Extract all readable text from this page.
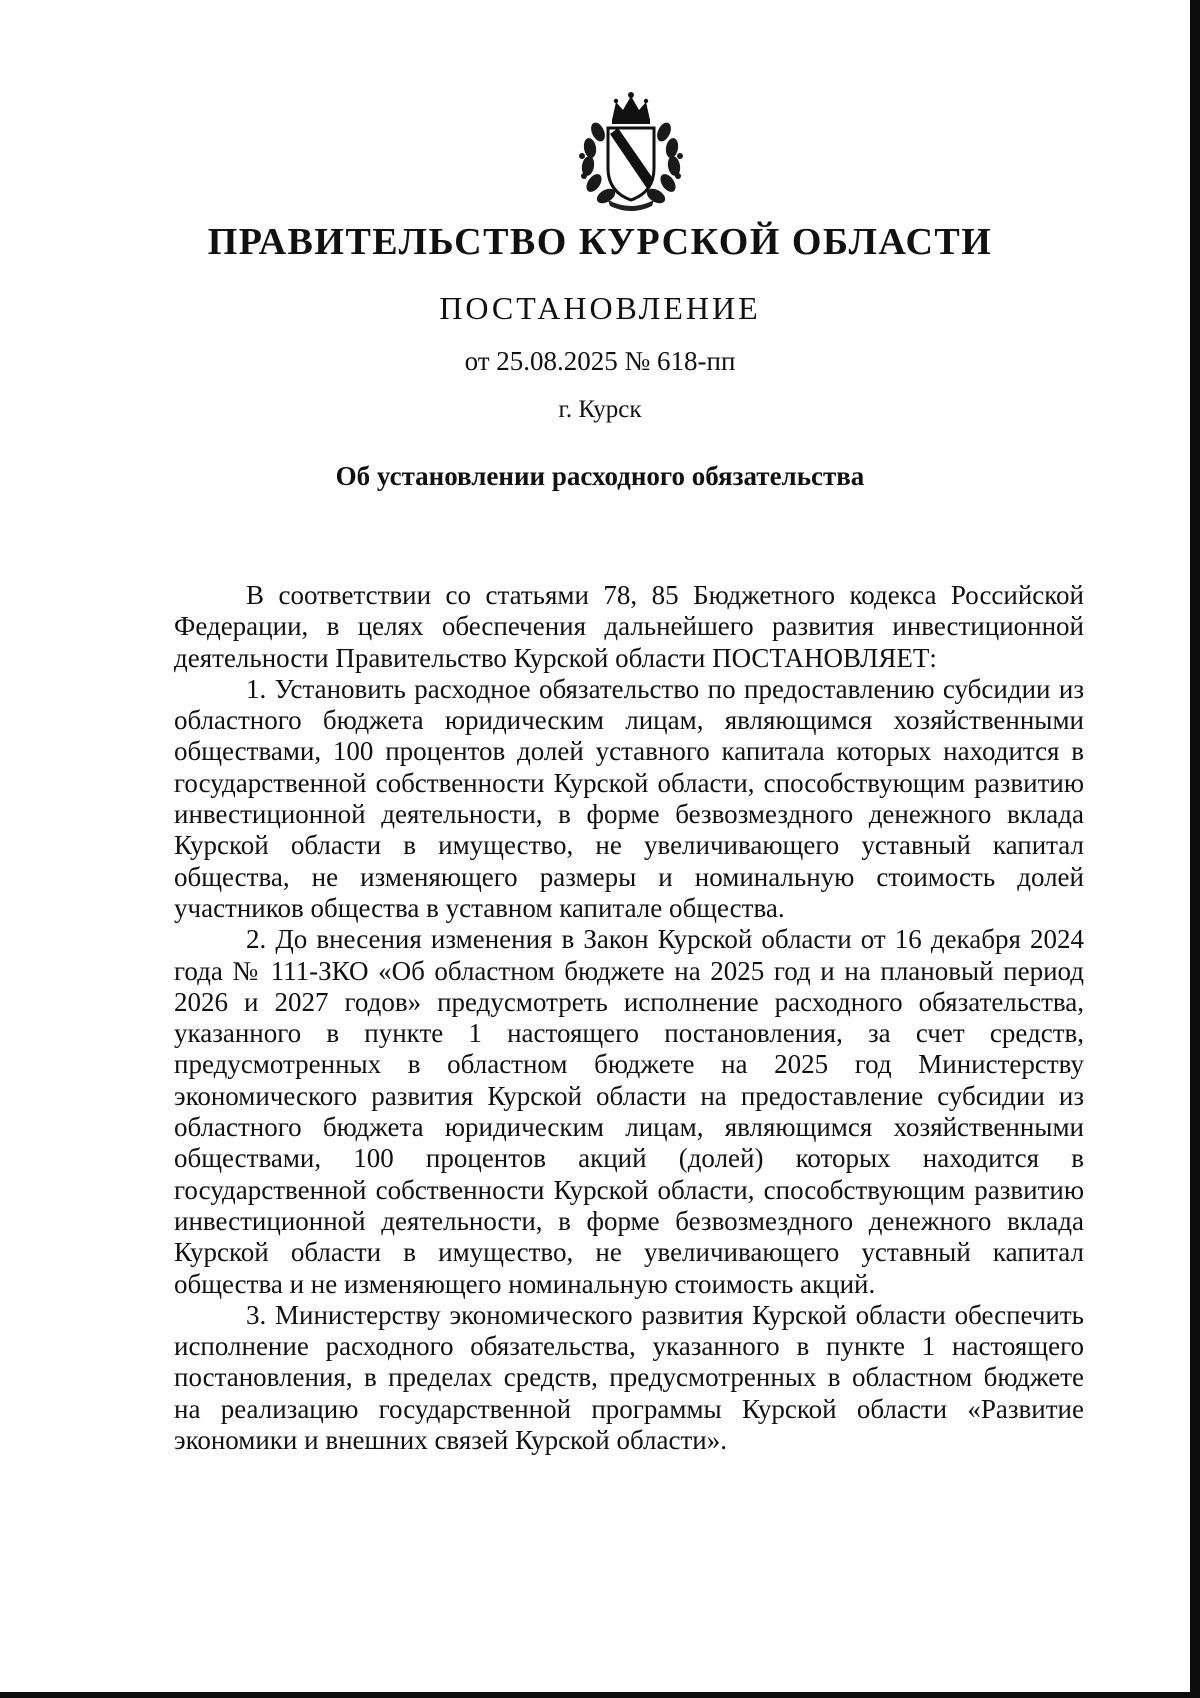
ПРАВИТЕЛЬСТВО КУРСКОЙ ОБЛАСТИ
ПОСТАНОВЛЕНИЕ
от 25.08.2025 № 618-пп
г. Курск
Об установлении расходного обязательства

В соответствии со статьями 78, 85 Бюджетного кодекса Российской Федерации, в целях обеспечения дальнейшего развития инвестиционной деятельности Правительство Курской области ПОСТАНОВЛЯЕТ:

1. Установить расходное обязательство по предоставлению субсидии из областного бюджета юридическим лицам, являющимся хозяйственными обществами, 100 процентов долей уставного капитала которых находится в государственной собственности Курской области, способствующим развитию инвестиционной деятельности, в форме безвозмездного денежного вклада Курской области в имущество, не увеличивающего уставный капитал общества, не изменяющего размеры и номинальную стоимость долей участников общества в уставном капитале общества.

2. До внесения изменения в Закон Курской области от 16 декабря 2024 года № 111-ЗКО «Об областном бюджете на 2025 год и на плановый период 2026 и 2027 годов» предусмотреть исполнение расходного обязательства, указанного в пункте 1 настоящего постановления, за счет средств, предусмотренных в областном бюджете на 2025 год Министерству экономического развития Курской области на предоставление субсидии из областного бюджета юридическим лицам, являющимся хозяйственными обществами, 100 процентов акций (долей) которых находится в государственной собственности Курской области, способствующим развитию инвестиционной деятельности, в форме безвозмездного денежного вклада Курской области в имущество, не увеличивающего уставный капитал общества и не изменяющего номинальную стоимость акций.

3. Министерству экономического развития Курской области обеспечить исполнение расходного обязательства, указанного в пункте 1 настоящего постановления, в пределах средств, предусмотренных в областном бюджете на реализацию государственной программы Курской области «Развитие экономики и внешних связей Курской области».
